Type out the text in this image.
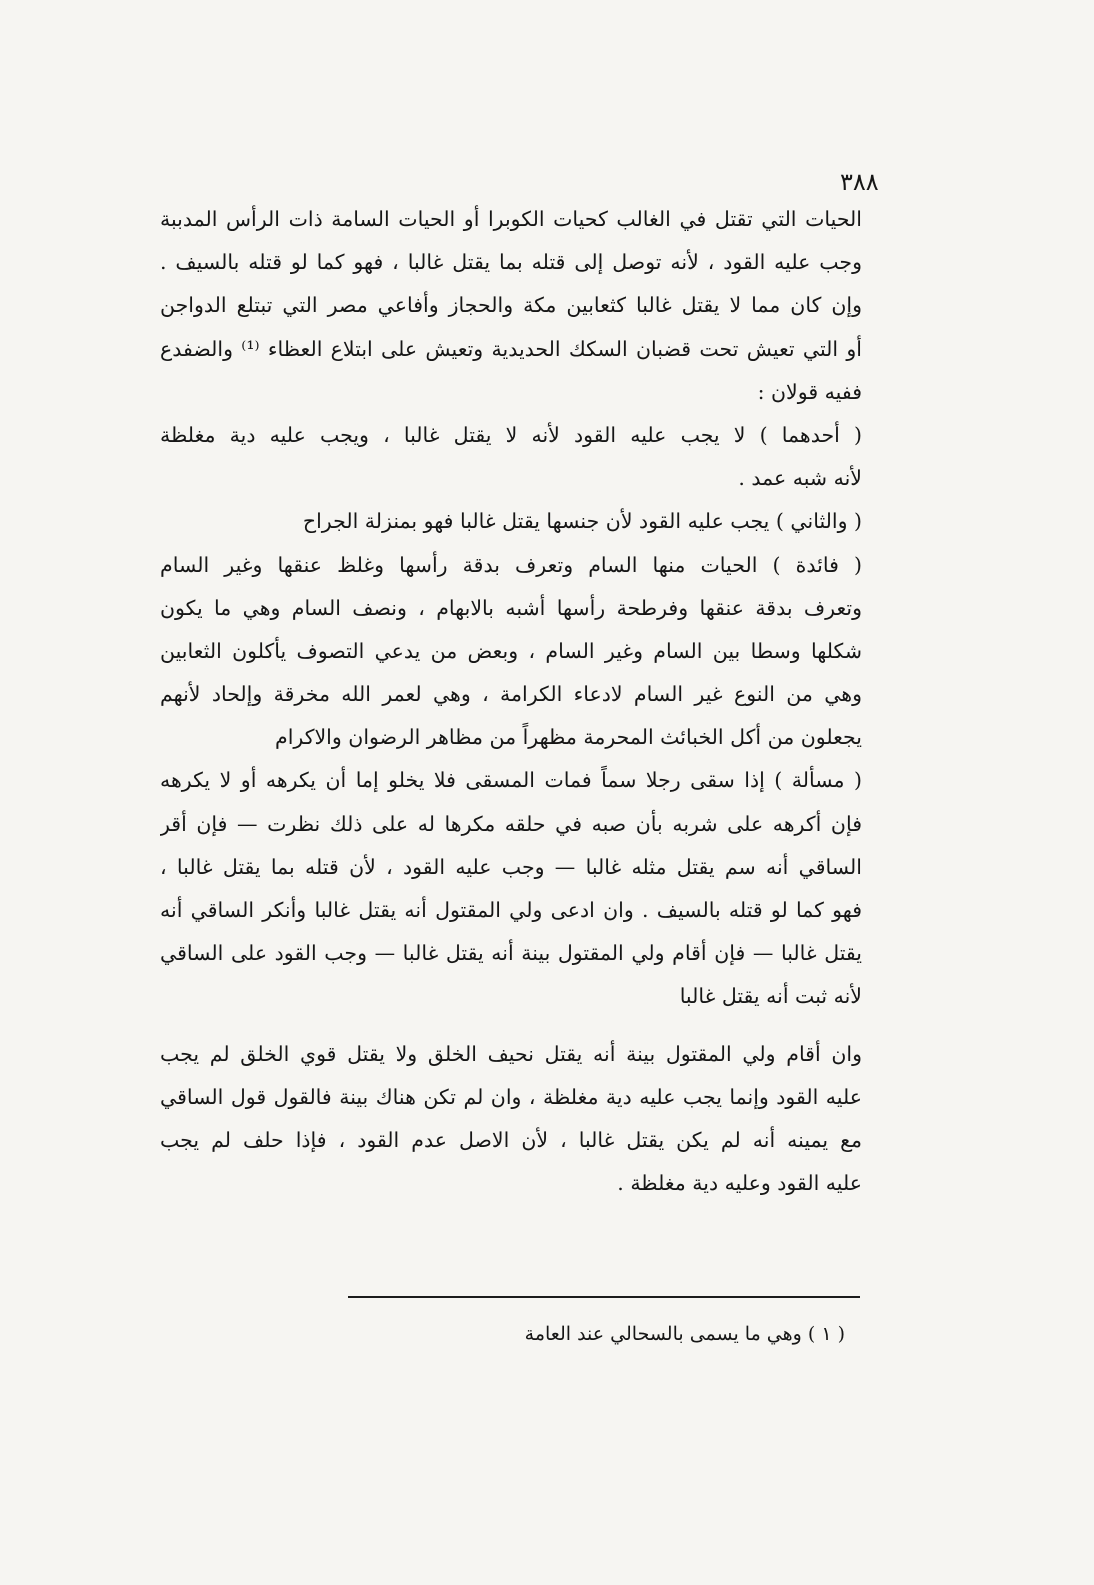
٣٨٨
الحيات التي تقتل في الغالب كحيات الكوبرا أو الحيات السامة ذات الرأس المدببة
وجب عليه القود ، لأنه توصل إلى قتله بما يقتل غالبا ، فهو كما لو قتله بالسيف .
وإن كان مما لا يقتل غالبا كثعابين مكة والحجاز وأفاعي مصر التي تبتلع الدواجن
أو التي تعيش تحت قضبان السكك الحديدية وتعيش على ابتلاع العظاء ⁽¹⁾ والضفدع
ففيه قولان :
( أحدهما ) لا يجب عليه القود لأنه لا يقتل غالبا ، ويجب عليه دية مغلظة
لأنه شبه عمد .
( والثاني ) يجب عليه القود لأن جنسها يقتل غالبا فهو بمنزلة الجراح
( فائدة ) الحيات منها السام وتعرف بدقة رأسها وغلظ عنقها وغير السام
وتعرف بدقة عنقها وفرطحة رأسها أشبه بالابهام ، ونصف السام وهي ما يكون
شكلها وسطا بين السام وغير السام ، وبعض من يدعي التصوف يأكلون الثعابين
وهي من النوع غير السام لادعاء الكرامة ، وهي لعمر الله مخرقة وإلحاد لأنهم
يجعلون من أكل الخبائث المحرمة مظهراً من مظاهر الرضوان والاكرام
( مسألة ) إذا سقى رجلا سماً فمات المسقى فلا يخلو إما أن يكرهه أو لا يكرهه
فإن أكرهه على شربه بأن صبه في حلقه مكرها له على ذلك نظرت — فإن أقر
الساقي أنه سم يقتل مثله غالبا — وجب عليه القود ، لأن قتله بما يقتل غالبا ،
فهو كما لو قتله بالسيف . وان ادعى ولي المقتول أنه يقتل غالبا وأنكر الساقي أنه
يقتل غالبا — فإن أقام ولي المقتول بينة أنه يقتل غالبا — وجب القود على الساقي
لأنه ثبت أنه يقتل غالبا
وان أقام ولي المقتول بينة أنه يقتل نحيف الخلق ولا يقتل قوي الخلق لم يجب
عليه القود وإنما يجب عليه دية مغلظة ، وان لم تكن هناك بينة فالقول قول الساقي
مع يمينه أنه لم يكن يقتل غالبا ، لأن الاصل عدم القود ، فإذا حلف لم يجب
عليه القود وعليه دية مغلظة .
( ١ ) وهي ما يسمى بالسحالي عند العامة
